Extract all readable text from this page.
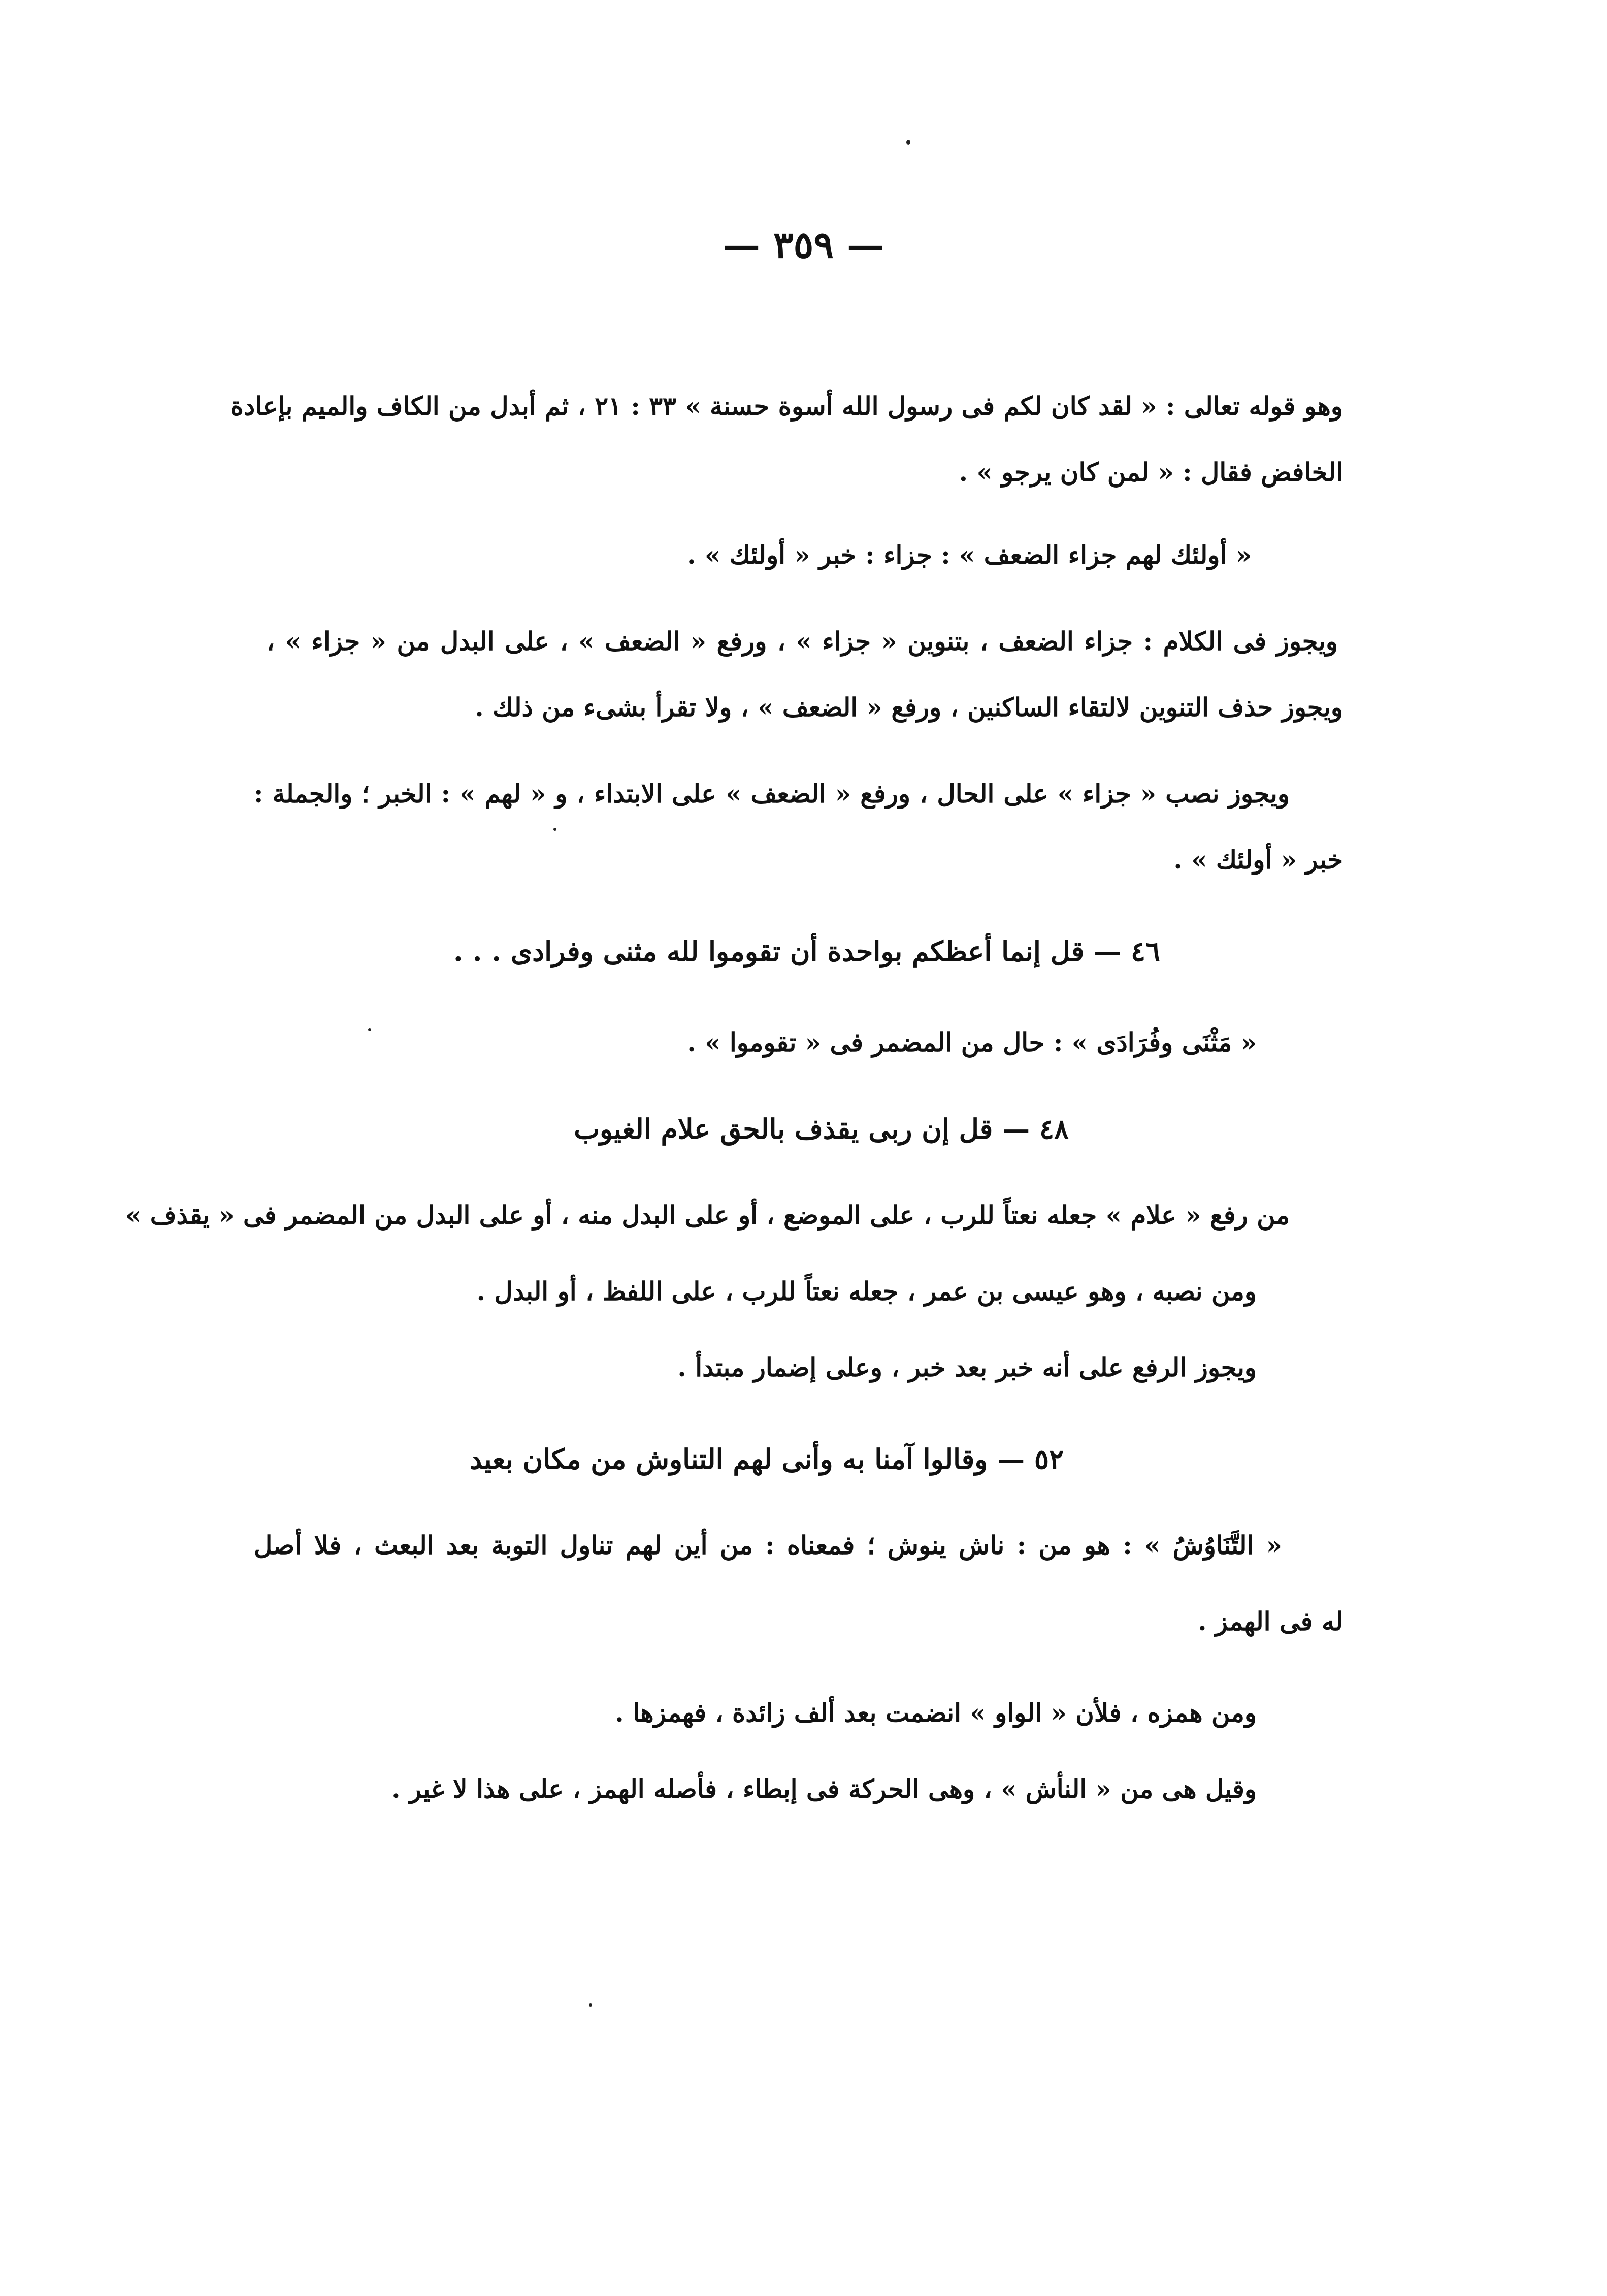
— ٣٥٩ —
وهو قوله تعالى : « لقد كان لكم فى رسول الله أسوة حسنة » ٣٣ : ٢١ ، ثم أبدل من الكاف والميم بإعادة
الخافض فقال : « لمن كان يرجو » .
« أولئك لهم جزاء الضعف » : جزاء : خبر « أولئك » .
ويجوز فى الكلام : جزاء الضعف ، بتنوين « جزاء » ، ورفع « الضعف » ، على البدل من « جزاء » ،
ويجوز حذف التنوين لالتقاء الساكنين ، ورفع « الضعف » ، ولا تقرأ بشىء من ذلك .
ويجوز نصب « جزاء » على الحال ، ورفع « الضعف » على الابتداء ، و « لهم » : الخبر ؛ والجملة :
خبر « أولئك » .
٤٦ — قل إنما أعظكم بواحدة أن تقوموا لله مثنى وفرادى . . .
« مَثْنَى وفُرَادَى » : حال من المضمر فى « تقوموا » .
٤٨ — قل إن ربى يقذف بالحق علام الغيوب
من رفع « علام » جعله نعتاً للرب ، على الموضع ، أو على البدل منه ، أو على البدل من المضمر فى « يقذف »
ومن نصبه ، وهو عيسى بن عمر ، جعله نعتاً للرب ، على اللفظ ، أو البدل .
ويجوز الرفع على أنه خبر بعد خبر ، وعلى إضمار مبتدأ .
٥٢ — وقالوا آمنا به وأنى لهم التناوش من مكان بعيد
« التَّنَاوُشُ » : هو من : ناش ينوش ؛ فمعناه : من أين لهم تناول التوبة بعد البعث ، فلا أصل
له فى الهمز .
ومن همزه ، فلأن « الواو » انضمت بعد ألف زائدة ، فهمزها .
وقيل هى من « النأش » ، وهى الحركة فى إبطاء ، فأصله الهمز ، على هذا لا غير .
